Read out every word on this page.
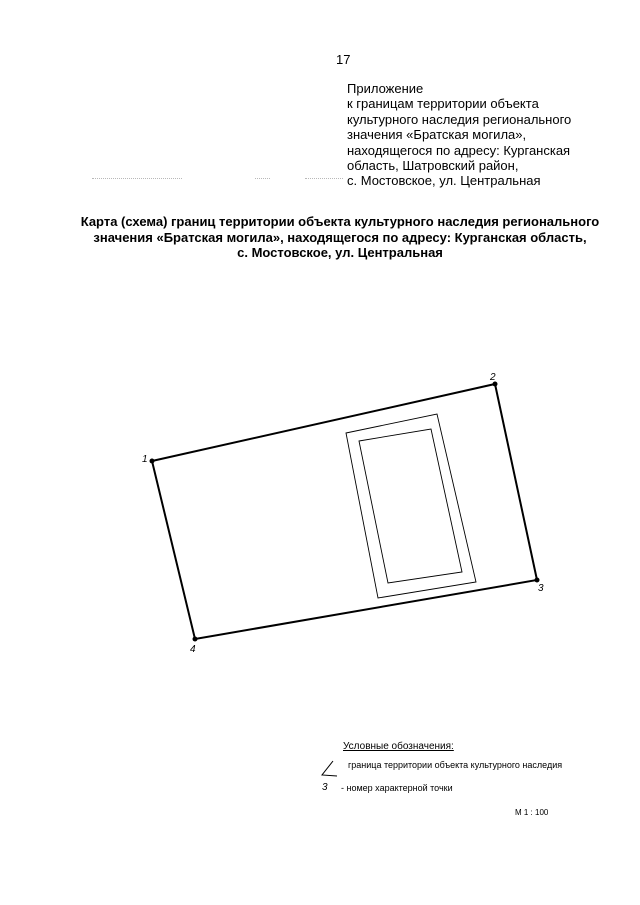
17
Приложение
к границам территории объекта
культурного наследия регионального
значения «Братская могила»,
находящегося по адресу: Курганская
область, Шатровский район,
с. Мостовское, ул. Центральная
Карта (схема) границ территории объекта культурного наследия регионального
значения «Братская могила», находящегося по адресу: Курганская область,
с. Мостовское, ул. Центральная
1
2
3
4
Условные обозначения:
граница территории объекта культурного наследия
3 - номер характерной точки
М 1 : 100
